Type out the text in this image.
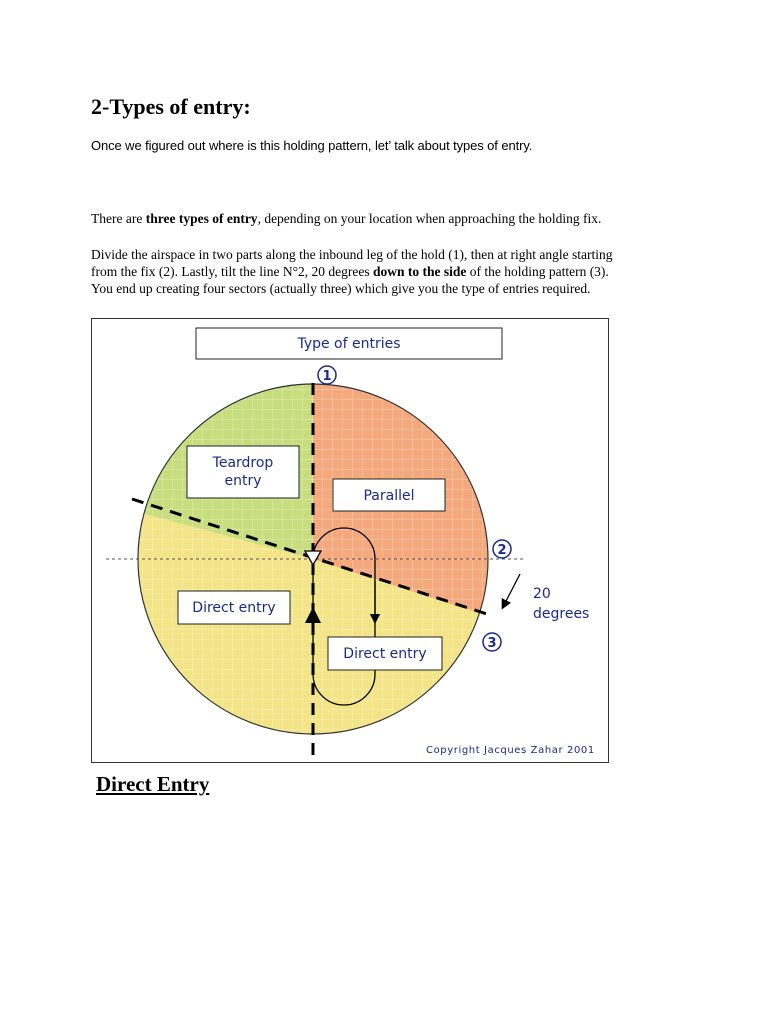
2-Types of entry:
Once we figured out where is this holding pattern, let’ talk about types of entry.

There are three types of entry, depending on your location when approaching the holding fix.

Divide the airspace in two parts along the inbound leg of the hold (1), then at right angle starting
from the fix (2). Lastly, tilt the line N°2, 20 degrees down to the side of the holding pattern (3).
You end up creating four sectors (actually three) which give you the type of entries required.

Type of entries
Teardrop
entry
Parallel
Direct entry
Direct entry
1
2
3
20
degrees
Copyright Jacques Zahar 2001
Direct Entry
